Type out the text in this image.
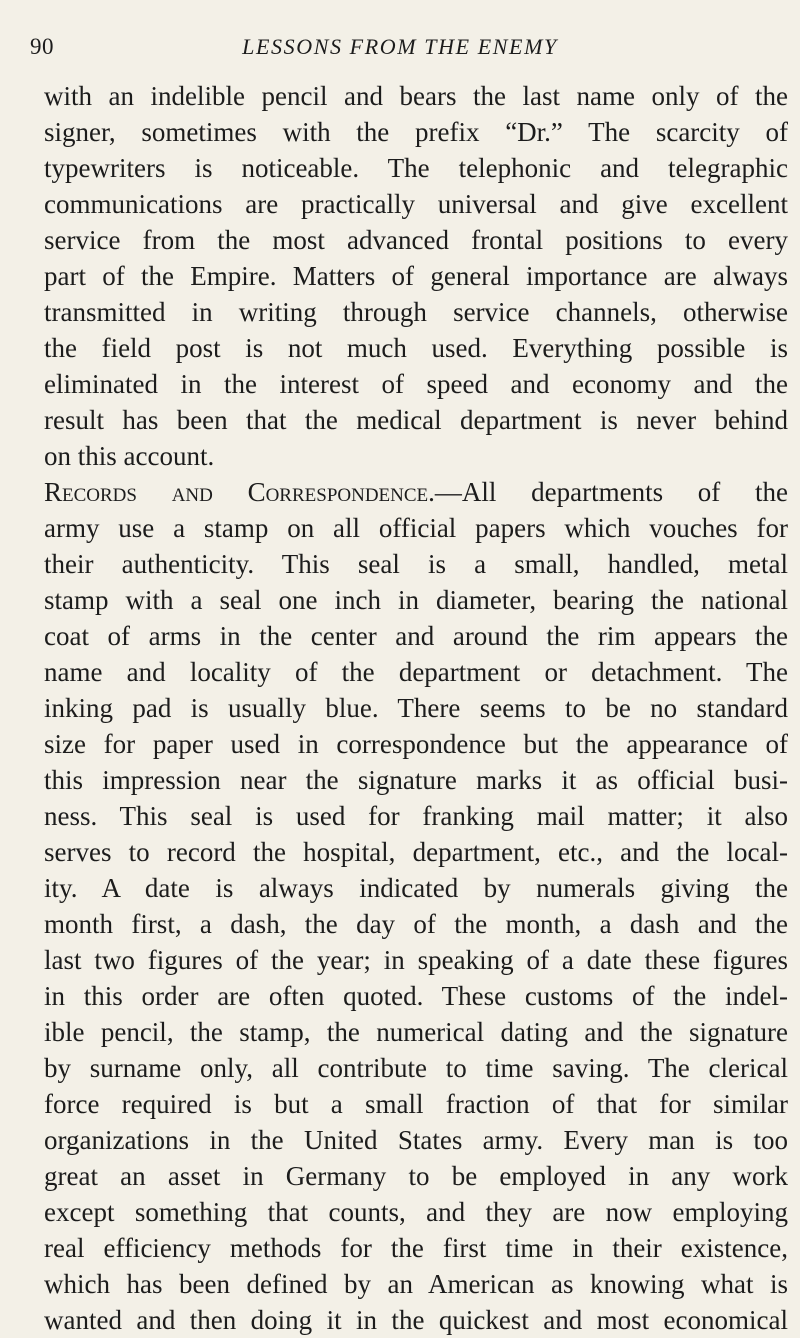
90	LESSONS FROM THE ENEMY
with an indelible pencil and bears the last name only of the
signer, sometimes with the prefix “Dr.” The scarcity of
typewriters is noticeable. The telephonic and telegraphic
communications are practically universal and give excellent
service from the most advanced frontal positions to every
part of the Empire. Matters of general importance are always
transmitted in writing through service channels, otherwise
the field post is not much used. Everything possible is
eliminated in the interest of speed and economy and the
result has been that the medical department is never behind
on this account.
Records and Correspondence.—All departments of the
army use a stamp on all official papers which vouches for
their authenticity. This seal is a small, handled, metal
stamp with a seal one inch in diameter, bearing the national
coat of arms in the center and around the rim appears the
name and locality of the department or detachment. The
inking pad is usually blue. There seems to be no standard
size for paper used in correspondence but the appearance of
this impression near the signature marks it as official busi-
ness. This seal is used for franking mail matter; it also
serves to record the hospital, department, etc., and the local-
ity. A date is always indicated by numerals giving the
month first, a dash, the day of the month, a dash and the
last two figures of the year; in speaking of a date these figures
in this order are often quoted. These customs of the indel-
ible pencil, the stamp, the numerical dating and the signature
by surname only, all contribute to time saving. The clerical
force required is but a small fraction of that for similar
organizations in the United States army. Every man is too
great an asset in Germany to be employed in any work
except something that counts, and they are now employing
real efficiency methods for the first time in their existence,
which has been defined by an American as knowing what is
wanted and then doing it in the quickest and most economical
